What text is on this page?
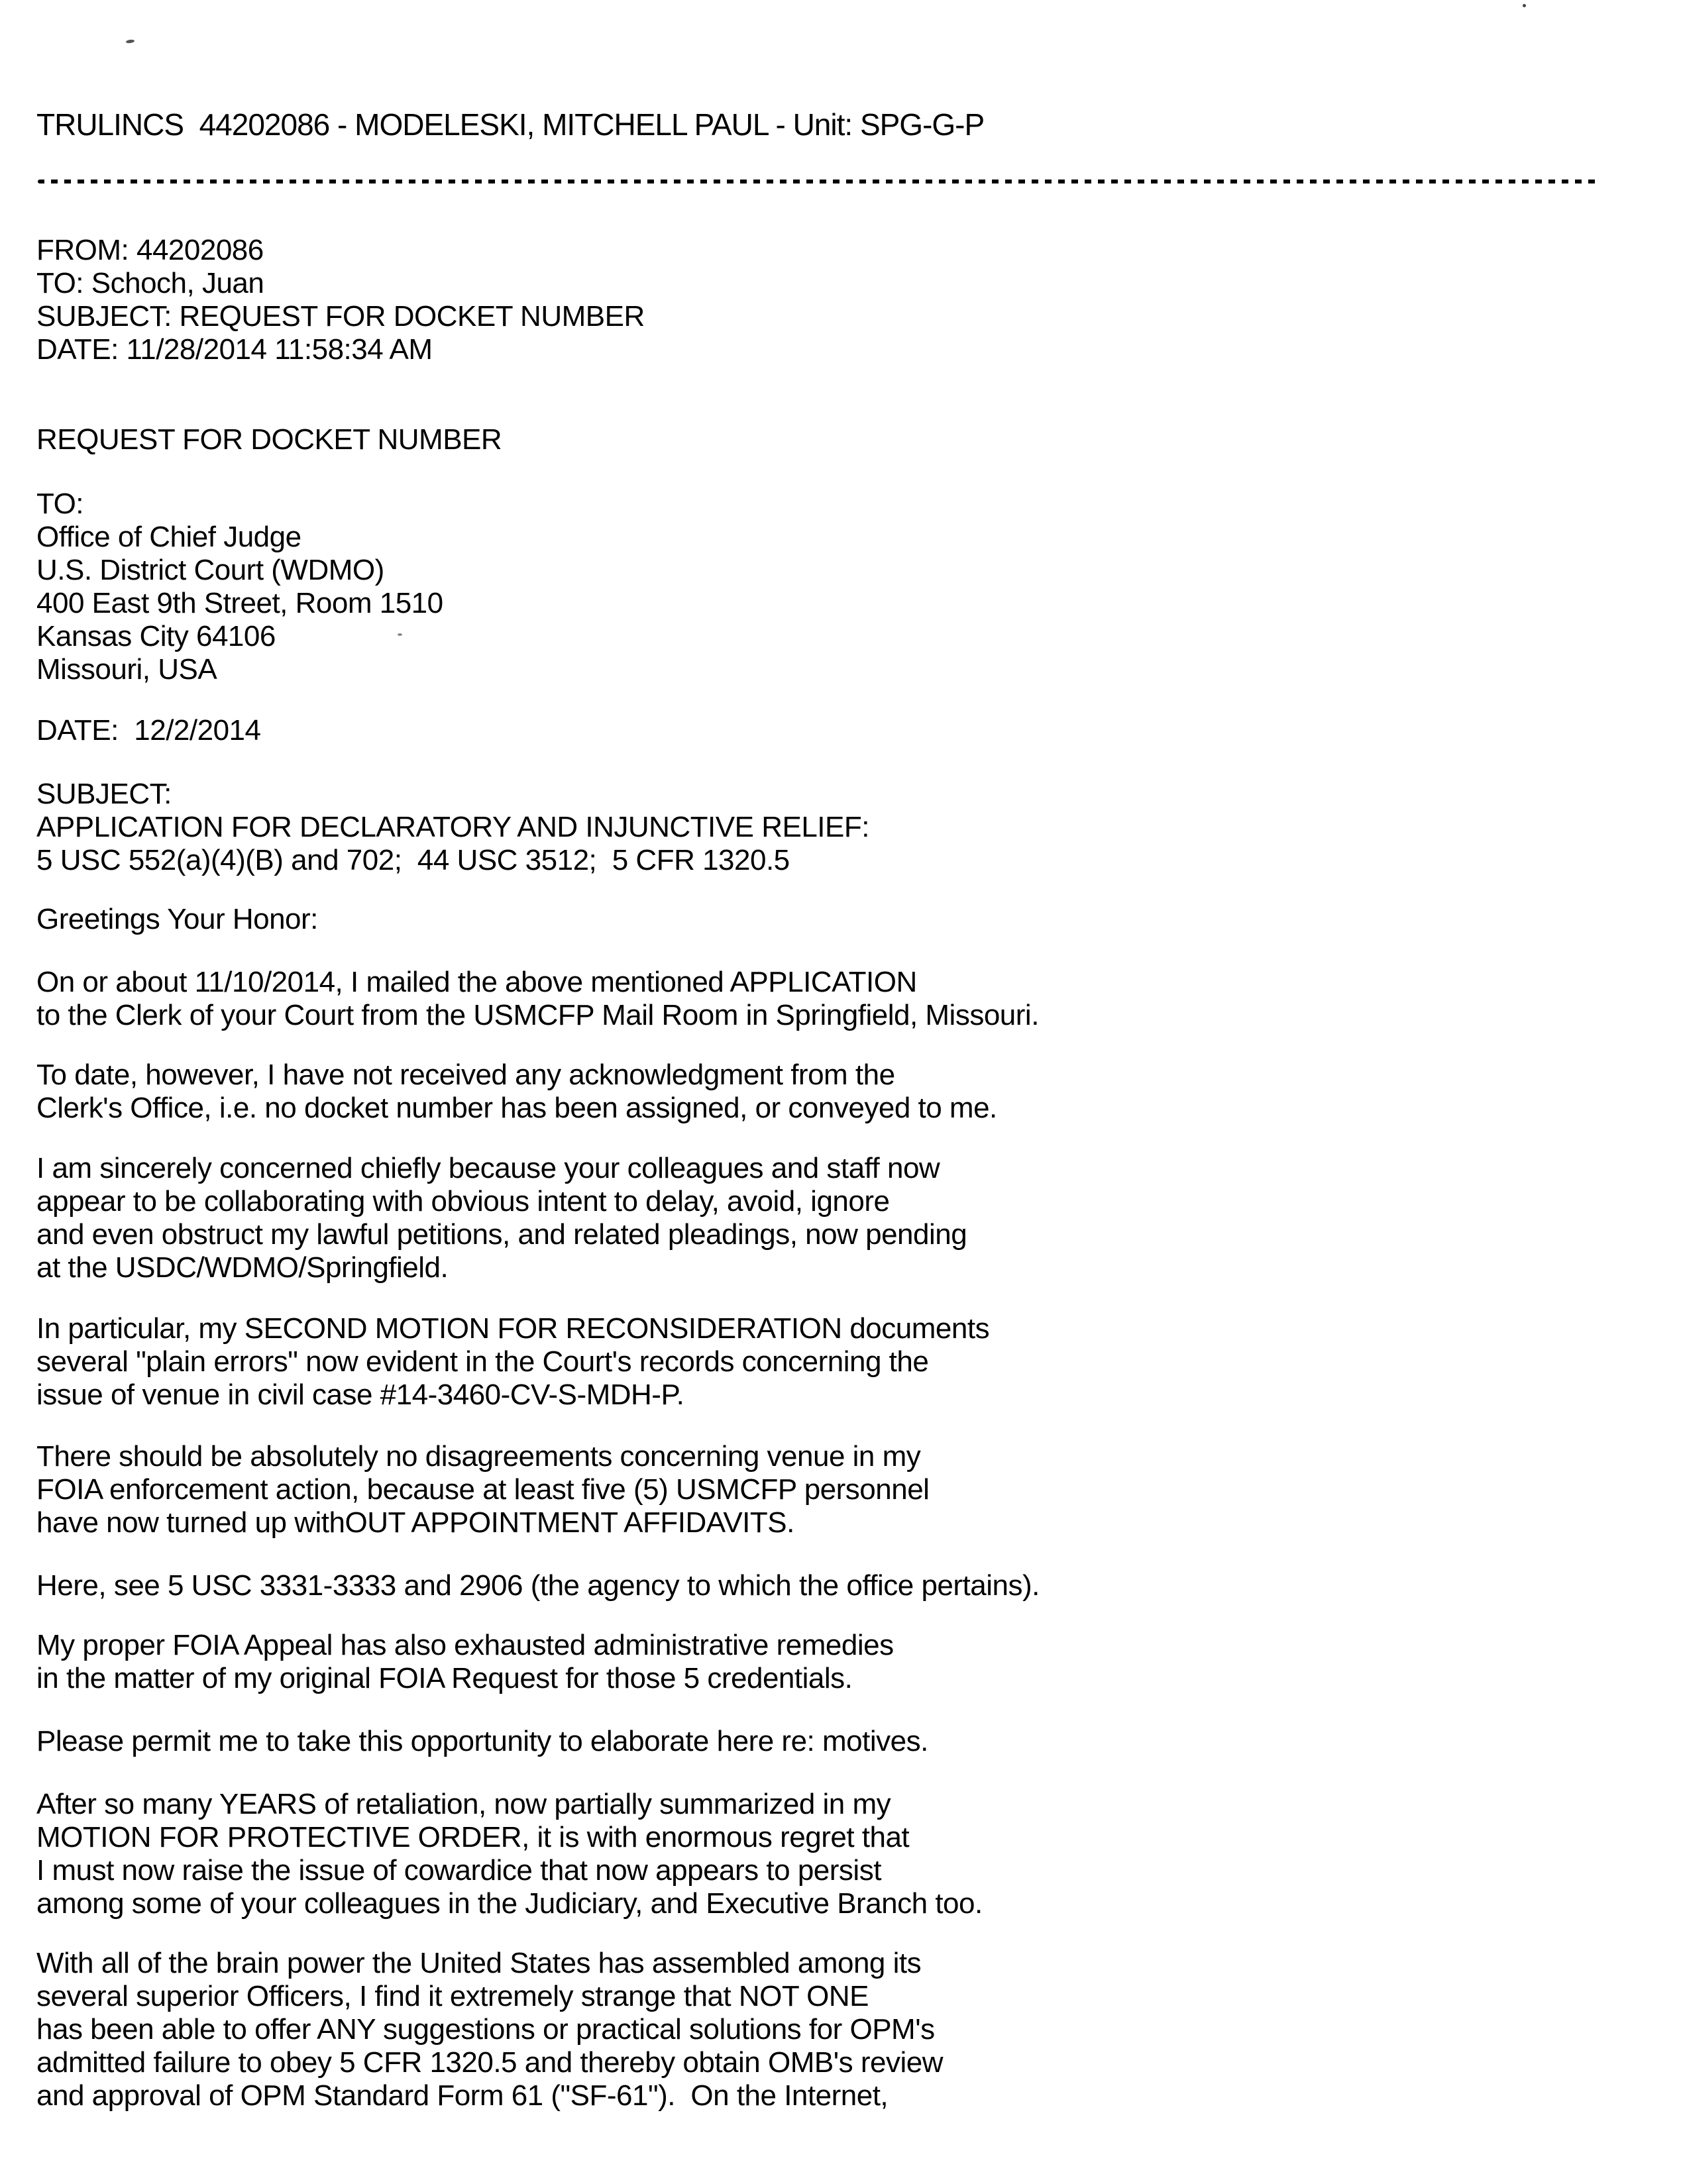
TRULINCS  44202086 - MODELESKI, MITCHELL PAUL - Unit: SPG-G-P
FROM: 44202086
TO: Schoch, Juan
SUBJECT: REQUEST FOR DOCKET NUMBER
DATE: 11/28/2014 11:58:34 AM
REQUEST FOR DOCKET NUMBER
TO:
Office of Chief Judge
U.S. District Court (WDMO)
400 East 9th Street, Room 1510
Kansas City 64106
Missouri, USA
DATE:  12/2/2014
SUBJECT:
APPLICATION FOR DECLARATORY AND INJUNCTIVE RELIEF:
5 USC 552(a)(4)(B) and 702;  44 USC 3512;  5 CFR 1320.5
Greetings Your Honor:
On or about 11/10/2014, I mailed the above mentioned APPLICATION
to the Clerk of your Court from the USMCFP Mail Room in Springfield, Missouri.
To date, however, I have not received any acknowledgment from the
Clerk's Office, i.e. no docket number has been assigned, or conveyed to me.
I am sincerely concerned chiefly because your colleagues and staff now
appear to be collaborating with obvious intent to delay, avoid, ignore
and even obstruct my lawful petitions, and related pleadings, now pending
at the USDC/WDMO/Springfield.
In particular, my SECOND MOTION FOR RECONSIDERATION documents
several "plain errors" now evident in the Court's records concerning the
issue of venue in civil case #14-3460-CV-S-MDH-P.
There should be absolutely no disagreements concerning venue in my
FOIA enforcement action, because at least five (5) USMCFP personnel
have now turned up withOUT APPOINTMENT AFFIDAVITS.
Here, see 5 USC 3331-3333 and 2906 (the agency to which the office pertains).
My proper FOIA Appeal has also exhausted administrative remedies
in the matter of my original FOIA Request for those 5 credentials.
Please permit me to take this opportunity to elaborate here re: motives.
After so many YEARS of retaliation, now partially summarized in my
MOTION FOR PROTECTIVE ORDER, it is with enormous regret that
I must now raise the issue of cowardice that now appears to persist
among some of your colleagues in the Judiciary, and Executive Branch too.
With all of the brain power the United States has assembled among its
several superior Officers, I find it extremely strange that NOT ONE
has been able to offer ANY suggestions or practical solutions for OPM's
admitted failure to obey 5 CFR 1320.5 and thereby obtain OMB's review
and approval of OPM Standard Form 61 ("SF-61").  On the Internet,
